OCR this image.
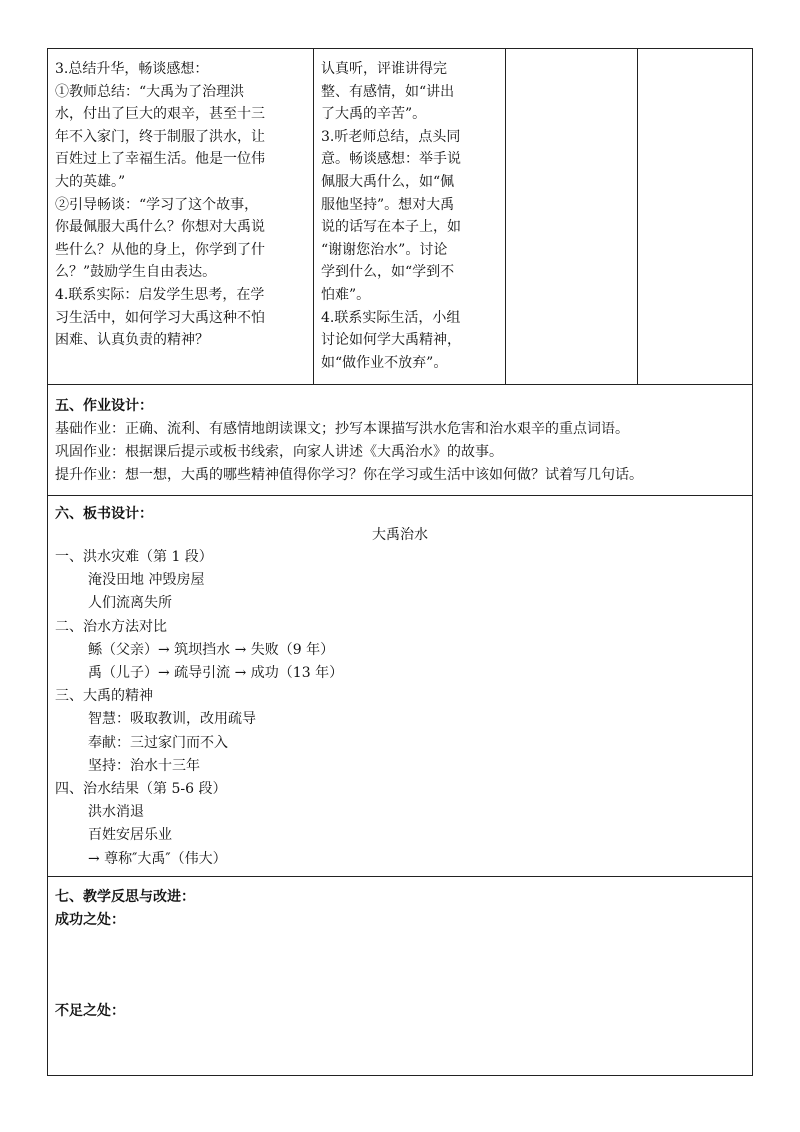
3.总结升华，畅谈感想：

①教师总结：“大禹为了治理洪

水，付出了巨大的艰辛，甚至十三

年不入家门，终于制服了洪水，让

百姓过上了幸福生活。他是一位伟

大的英雄。”

②引导畅谈：“学习了这个故事，

你最佩服大禹什么？你想对大禹说

些什么？从他的身上，你学到了什

么？”鼓励学生自由表达。

4.联系实际：启发学生思考，在学

习生活中，如何学习大禹这种不怕

困难、认真负责的精神？

认真听，评谁讲得完

整、有感情，如“讲出

了大禹的辛苦”。

3.听老师总结，点头同

意。畅谈感想：举手说

佩服大禹什么，如“佩

服他坚持”。想对大禹

说的话写在本子上，如

“谢谢您治水”。讨论

学到什么，如“学到不

怕难”。

4.联系实际生活，小组

讨论如何学大禹精神，

如“做作业不放弃”。

五、作业设计：

基础作业：正确、流利、有感情地朗读课文；抄写本课描写洪水危害和治水艰辛的重点词语。

巩固作业：根据课后提示或板书线索，向家人讲述《大禹治水》的故事。

提升作业：想一想，大禹的哪些精神值得你学习？你在学习或生活中该如何做？试着写几句话。

六、板书设计：

大禹治水

一、洪水灾难（第 1 段）

淹没田地 冲毁房屋

人们流离失所

二、治水方法对比

鲧（父亲）→ 筑坝挡水 → 失败（9 年）

禹（儿子）→ 疏导引流 → 成功（13 年）

三、大禹的精神

智慧：吸取教训，改用疏导

奉献：三过家门而不入

坚持：治水十三年

四、治水结果（第 5-6 段）

洪水消退

百姓安居乐业

→ 尊称″大禹″（伟大）

七、教学反思与改进：

成功之处：

不足之处：
